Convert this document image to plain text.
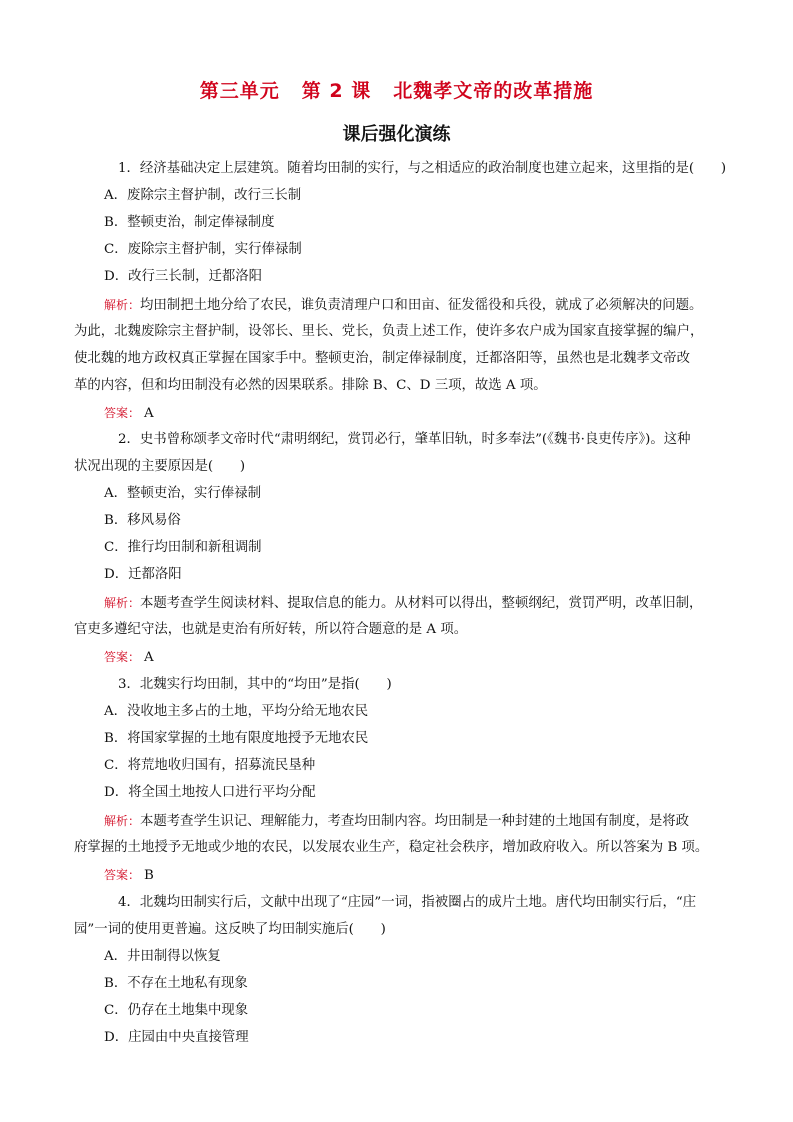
第三单元 第 2 课 北魏孝文帝的改革措施
课后强化演练
1．经济基础决定上层建筑。随着均田制的实行，与之相适应的政治制度也建立起来，这里指的是(　　)
A．废除宗主督护制，改行三长制
B．整顿吏治，制定俸禄制度
C．废除宗主督护制，实行俸禄制
D．改行三长制，迁都洛阳
解析：均田制把土地分给了农民，谁负责清理户口和田亩、征发徭役和兵役，就成了必须解决的问题。
为此，北魏废除宗主督护制，设邻长、里长、党长，负责上述工作，使许多农户成为国家直接掌握的编户，
使北魏的地方政权真正掌握在国家手中。整顿吏治，制定俸禄制度，迁都洛阳等，虽然也是北魏孝文帝改
革的内容，但和均田制没有必然的因果联系。排除 B、C、D 三项，故选 A 项。
答案： A
2．史书曾称颂孝文帝时代“肃明纲纪，赏罚必行，肇革旧轨，时多奉法”(《魏书·良吏传序》)。这种
状况出现的主要原因是(　　)
A．整顿吏治，实行俸禄制
B．移风易俗
C．推行均田制和新租调制
D．迁都洛阳
解析：本题考查学生阅读材料、提取信息的能力。从材料可以得出，整顿纲纪，赏罚严明，改革旧制，
官吏多遵纪守法，也就是吏治有所好转，所以符合题意的是 A 项。
答案： A
3．北魏实行均田制，其中的“均田”是指(　　)
A．没收地主多占的土地，平均分给无地农民
B．将国家掌握的土地有限度地授予无地农民
C．将荒地收归国有，招募流民垦种
D．将全国土地按人口进行平均分配
解析：本题考查学生识记、理解能力，考查均田制内容。均田制是一种封建的土地国有制度，是将政
府掌握的土地授予无地或少地的农民，以发展农业生产，稳定社会秩序，增加政府收入。所以答案为 B 项。
答案： B
4．北魏均田制实行后，文献中出现了“庄园”一词，指被圈占的成片土地。唐代均田制实行后，“庄
园”一词的使用更普遍。这反映了均田制实施后(　　)
A．井田制得以恢复
B．不存在土地私有现象
C．仍存在土地集中现象
D．庄园由中央直接管理
